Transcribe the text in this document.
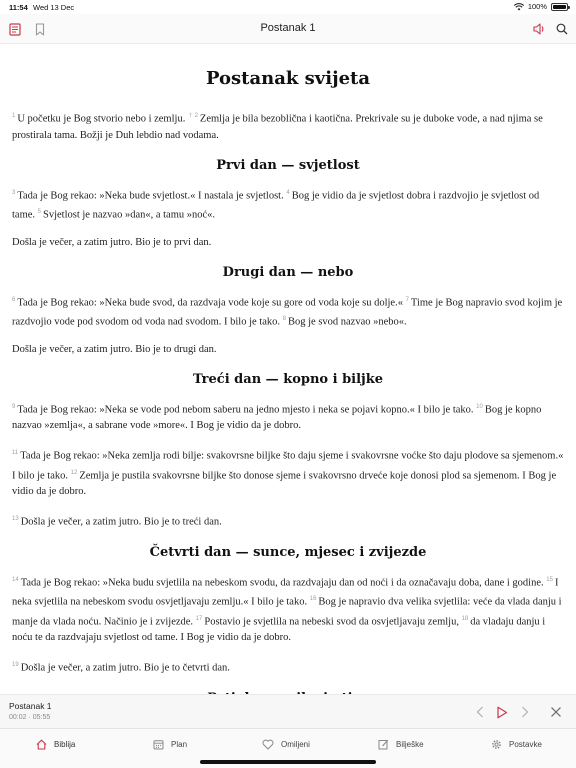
11:54 Wed 13 Dec	100%
Postanak 1
Postanak svijeta

$^1$ U početku je Bog stvorio nebo i zemlju. † $^2$ Zemlja je bila bezoblična i kaotična. Prekrivale su je duboke vode, a nad njima se prostirala tama. Božji je Duh lebdio nad vodama.

Prvi dan — svjetlost

$^3$ Tada je Bog rekao: »Neka bude svjetlost.« I nastala je svjetlost. $^4$ Bog je vidio da je svjetlost dobra i razdvojio je svjetlost od tame. $^5$ Svjetlost je nazvao »dan«, a tamu »noć«.

Došla je večer, a zatim jutro. Bio je to prvi dan.

Drugi dan — nebo

$^6$ Tada je Bog rekao: »Neka bude svod, da razdvaja vode koje su gore od voda koje su dolje.« $^7$ Time je Bog napravio svod kojim je razdvojio vode pod svodom od voda nad svodom. I bilo je tako. $^8$ Bog je svod nazvao »nebo«.

Došla je večer, a zatim jutro. Bio je to drugi dan.

Treći dan — kopno i biljke

$^9$ Tada je Bog rekao: »Neka se vode pod nebom saberu na jedno mjesto i neka se pojavi kopno.« I bilo je tako. $^{10}$ Bog je kopno nazvao »zemlja«, a sabrane vode »more«. I Bog je vidio da je dobro.

$^{11}$ Tada je Bog rekao: »Neka zemlja rodi bilje: svakovrsne biljke što daju sjeme i svakovrsne voćke što daju plodove sa sjemenom.« I bilo je tako. $^{12}$ Zemlja je pustila svakovrsne biljke što donose sjeme i svakovrsno drveće koje donosi plod sa sjemenom. I Bog je vidio da je dobro.

$^{13}$ Došla je večer, a zatim jutro. Bio je to treći dan.

Četvrti dan — sunce, mjesec i zvijezde

$^{14}$ Tada je Bog rekao: »Neka budu svjetlila na nebeskom svodu, da razdvajaju dan od noći i da označavaju doba, dane i godine. $^{15}$ I neka svjetlila na nebeskom svodu osvjetljavaju zemlju.« I bilo je tako. $^{16}$ Bog je napravio dva velika svjetlila: veće da vlada danju i manje da vlada noću. Načinio je i zvijezde. $^{17}$ Postavio je svjetlila na nebeski svod da osvjetljavaju zemlju, $^{18}$ da vladaju danju i noću te da razdvajaju svjetlost od tame. I Bog je vidio da je dobro.

$^{19}$ Došla je večer, a zatim jutro. Bio je to četvrti dan.

Postanak 1
00:02 · 05:55
Biblija	Plan	Omiljeni	Bilješke	Postavke
